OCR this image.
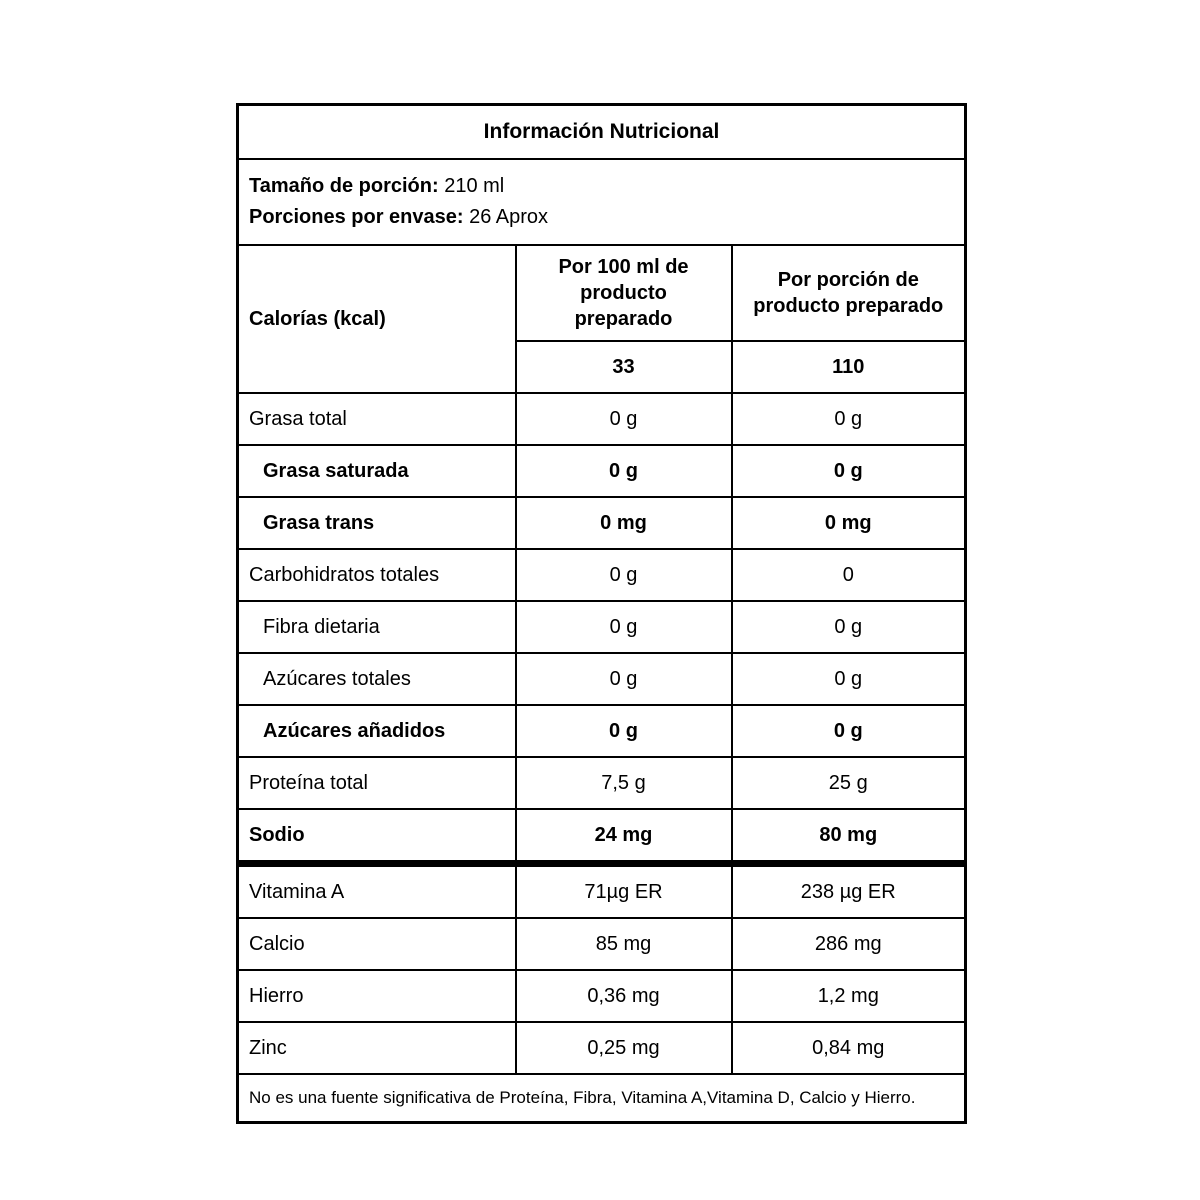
Información Nutricional		

Tamaño de porción: 210 ml
Porciones por envase: 26 Aprox		

Calorías (kcal)	Por 100 ml de producto preparado	Por porción de producto preparado
	33	110
Grasa total	0 g	0 g
Grasa saturada	0 g	0 g
Grasa trans	0 mg	0 mg
Carbohidratos totales	0 g	0
Fibra dietaria	0 g	0 g
Azúcares totales	0 g	0 g
Azúcares añadidos	0 g	0 g
Proteína total	7,5 g	25 g
Sodio	24 mg	80 mg
Vitamina A	71µg ER	238 µg ER
Calcio	85 mg	286 mg
Hierro	0,36 mg	1,2 mg
Zinc	0,25 mg	0,84 mg
No es una fuente significativa de Proteína, Fibra, Vitamina A,Vitamina D, Calcio y Hierro.		
